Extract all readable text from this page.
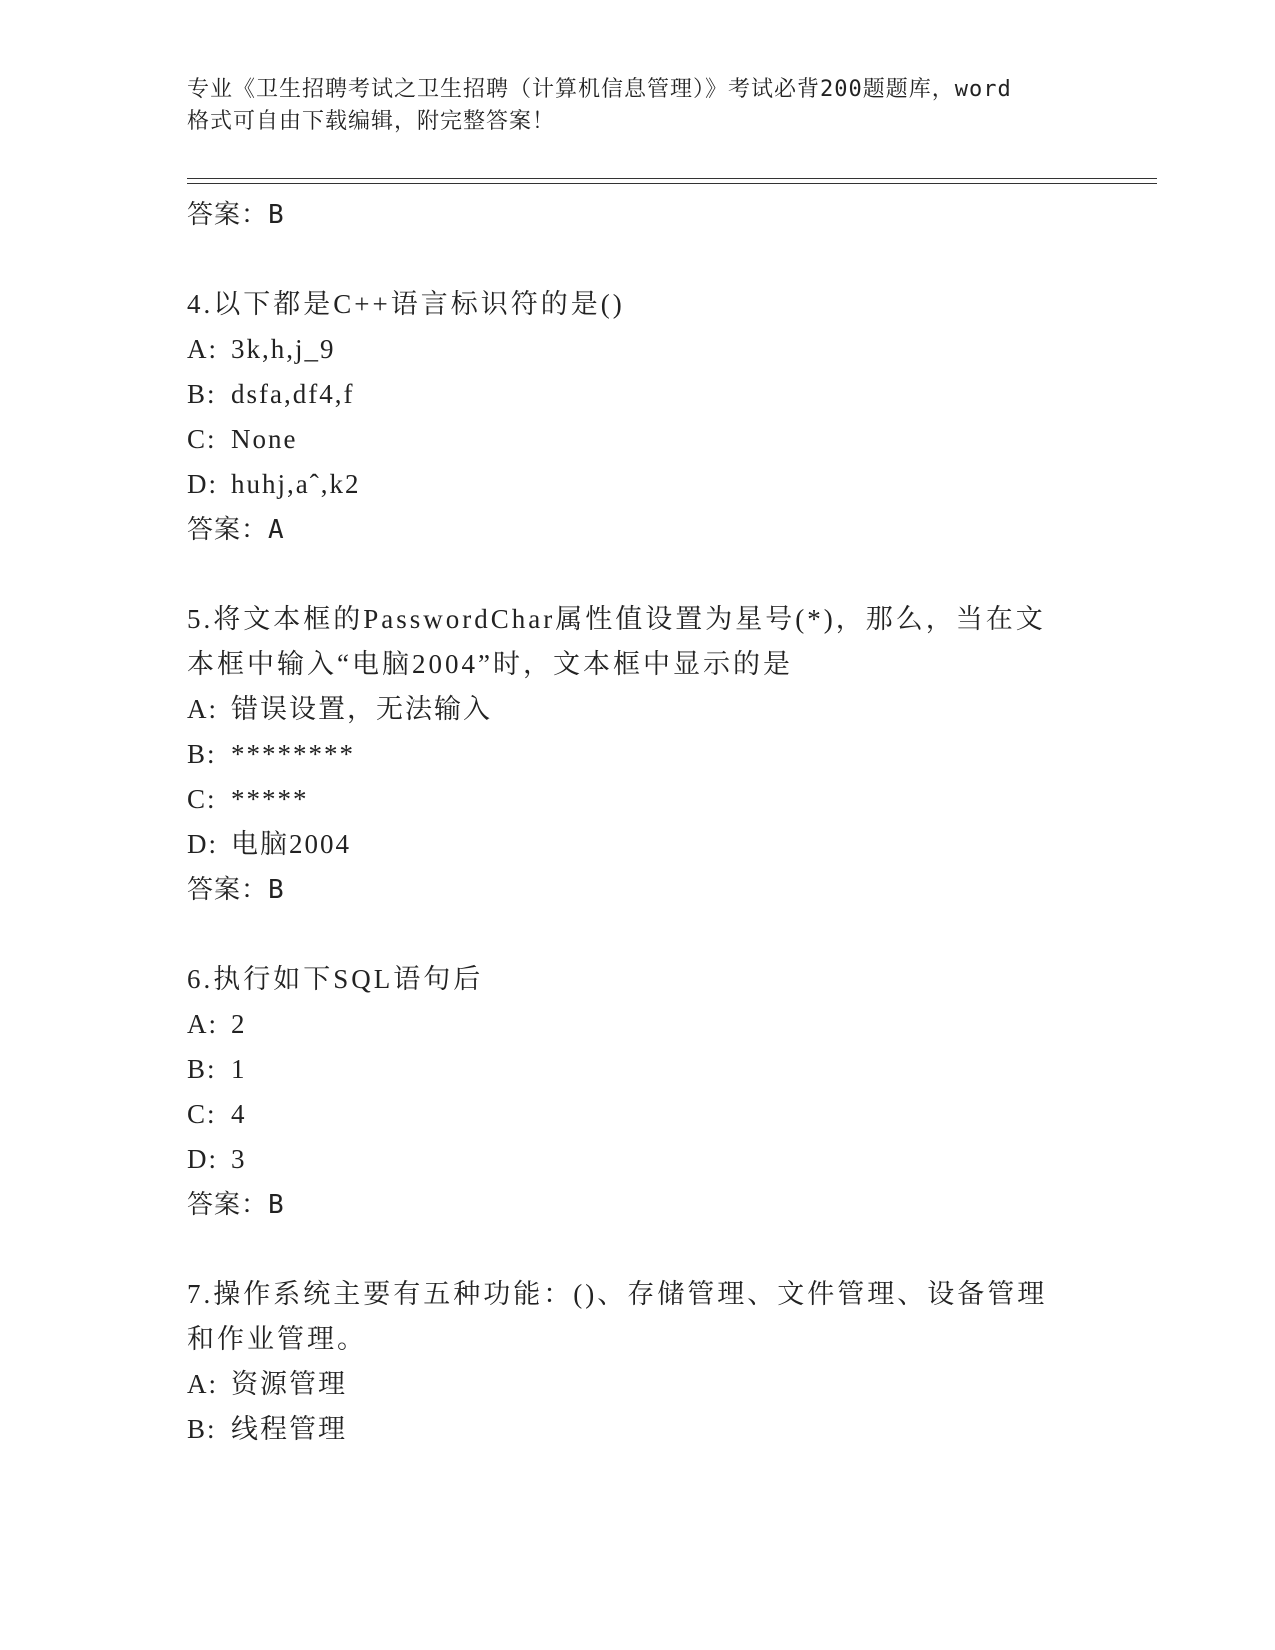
专业《卫生招聘考试之卫生招聘（计算机信息管理）》考试必背200题题库，word
格式可自由下载编辑，附完整答案！
答案：B
4.以下都是C++语言标识符的是()
A: 3k,h,j_9
B: dsfa,df4,f
C: None
D: huhj,aˆ,k2
答案：A
5.将文本框的PasswordChar属性值设置为星号(*)，那么，当在文本框中输入“电脑2004”时，文本框中显示的是
A: 错误设置，无法输入
B: ********
C: *****
D: 电脑2004
答案：B
6.执行如下SQL语句后
A: 2
B: 1
C: 4
D: 3
答案：B
7.操作系统主要有五种功能：()、存储管理、文件管理、设备管理和作业管理。
A: 资源管理
B: 线程管理
